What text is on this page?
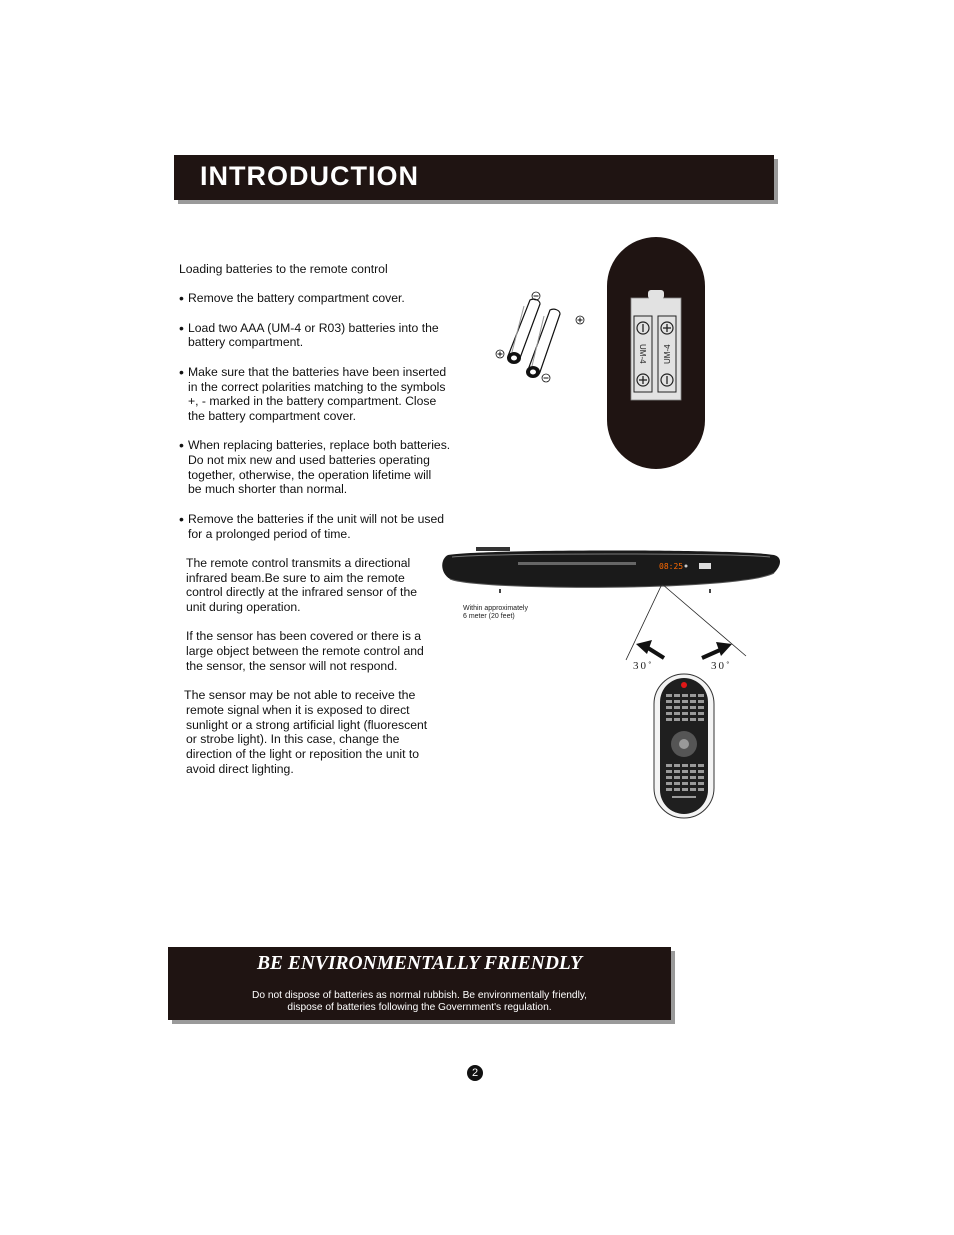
INTRODUCTION

Loading batteries to the remote control

• Remove the battery compartment cover.
• Load two AAA (UM-4 or R03) batteries into the
battery compartment.
• Make sure that the batteries have been inserted
in the correct polarities matching to the symbols
+, - marked in the battery compartment. Close
the battery compartment cover.
• When replacing batteries, replace both batteries.
Do not mix new and used batteries operating
together, otherwise, the operation lifetime will
be much shorter than normal.
• Remove the batteries if the unit will not be used
for a prolonged period of time.
The remote control transmits a directional
infrared beam.Be sure to aim the remote
control directly at the infrared sensor of the
unit during operation.
If the sensor has been covered or there is a
large object between the remote control and
the sensor, the sensor will not respond.
The sensor may be not able to receive the
remote signal when it is exposed to direct
sunlight or a strong artificial light (fluorescent
or strobe light). In this case, change the
direction of the light or reposition the unit to
avoid direct lighting.
UM-4 UM-4
08:25
Within approximately
6 meter (20 feet)
30˚	30˚
BE ENVIRONMENTALLY FRIENDLY
Do not dispose of batteries as normal rubbish. Be environmentally friendly,
dispose of batteries following the Government's regulation.
2
